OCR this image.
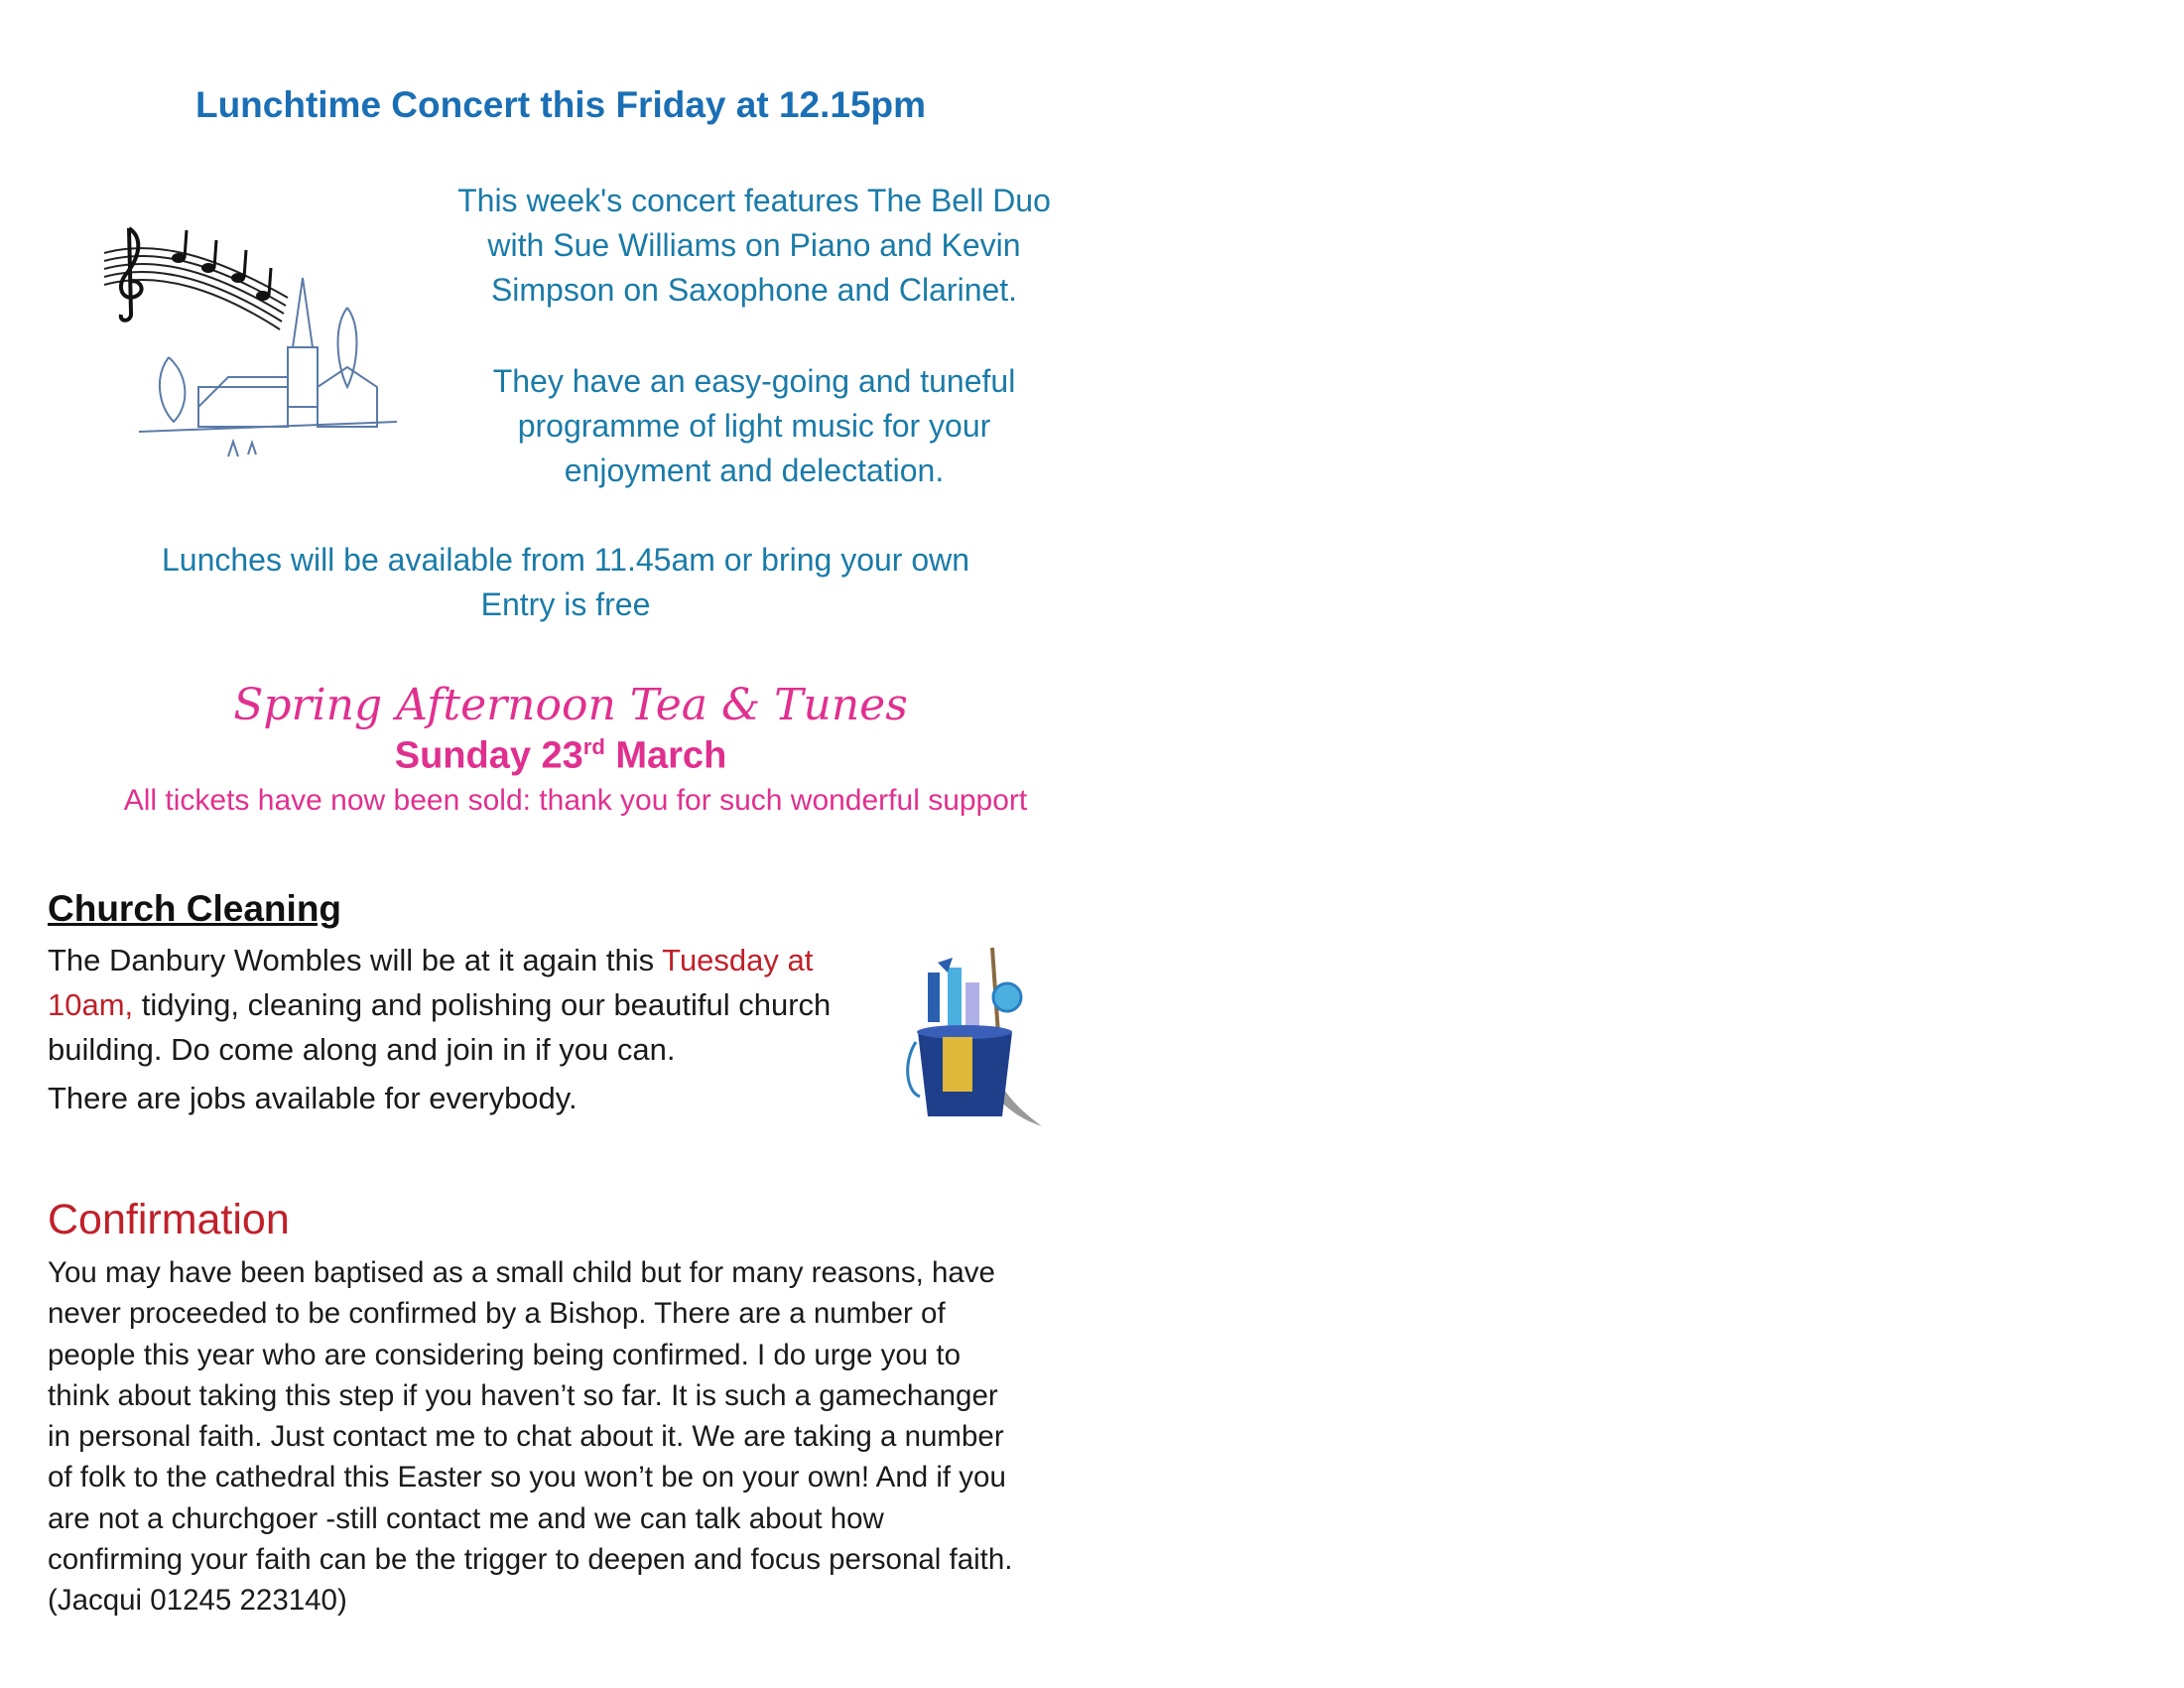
Lunchtime Concert this Friday at 12.15pm
This week's concert features The Bell Duo
with Sue Williams on Piano and Kevin
Simpson on Saxophone and Clarinet.
They have an easy-going and tuneful
programme of light music for your
enjoyment and delectation.
Lunches will be available from 11.45am or bring your own
Entry is free
Spring Afternoon Tea & Tunes
Sunday 23rd March
All tickets have now been sold: thank you for such wonderful support
Church Cleaning
The Danbury Wombles will be at it again this Tuesday at 10am, tidying, cleaning and polishing our beautiful church building. Do come along and join in if you can.
There are jobs available for everybody.
Confirmation
You may have been baptised as a small child but for many reasons, have
never proceeded to be confirmed by a Bishop. There are a number of
people this year who are considering being confirmed. I do urge you to
think about taking this step if you haven’t so far. It is such a gamechanger
in personal faith. Just contact me to chat about it. We are taking a number
of folk to the cathedral this Easter so you won’t be on your own! And if you
are not a churchgoer -still contact me and we can talk about how
confirming your faith can be the trigger to deepen and focus personal faith.
(Jacqui 01245 223140)
